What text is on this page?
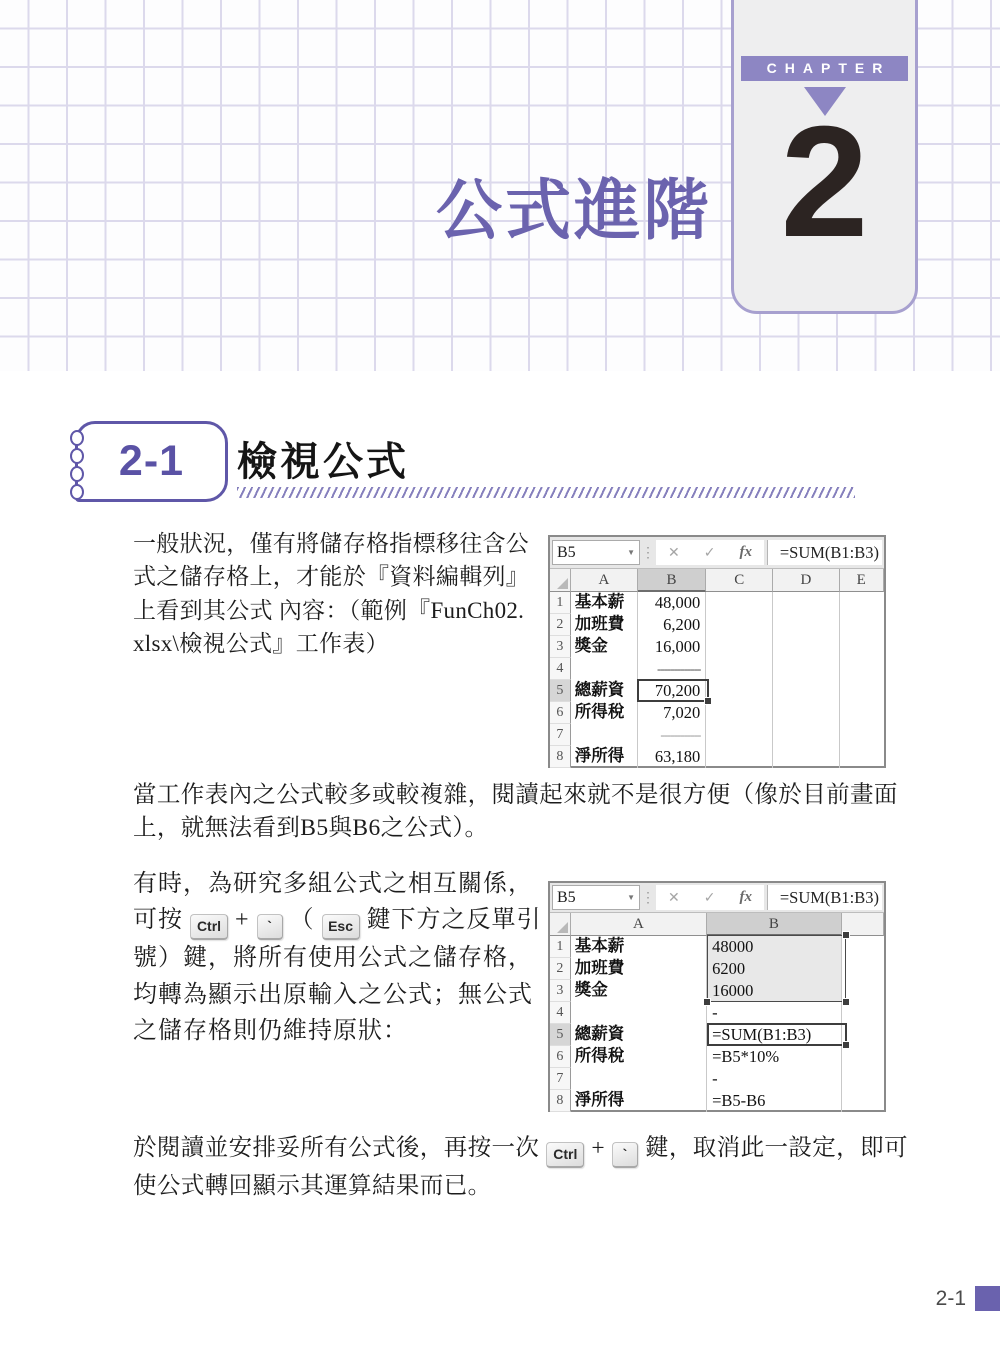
CHAPTER
2
公式進階
2-1 檢視公式
一般狀況，僅有將儲存格指標移往含公
式之儲存格上，才能於『資料編輯列』
上看到其公式 內容：（範例『FunCh02.
xlsx\檢視公式』工作表）
B5	▼ ⋮ ✕ ✓ fx	=SUM(B1:B3)
A	B	C	D	E
1 基本薪	48,000
2 加班費	6,200
3 獎金	16,000
4	-------------
5 總薪資	70,200
6 所得稅	7,020
7	------------
8 淨所得	63,180
當工作表內之公式較多或較複雜，閱讀起來就不是很方便（像於目前畫面
上，就無法看到B5與B6之公式）。
有時，為研究多組公式之相互關係，
可按 Ctrl + ` （ Esc 鍵下方之反單引
號）鍵，將所有使用公式之儲存格，
均轉為顯示出原輸入之公式；無公式
之儲存格則仍維持原狀：
B5	▼ ⋮ ✕ ✓ fx	=SUM(B1:B3)
A	B
1 基本薪	48000
2 加班費	6200
3 獎金	16000
4	-
5 總薪資	=SUM(B1:B3)
6 所得稅	=B5*10%
7	-
8 淨所得	=B5-B6
於閱讀並安排妥所有公式後，再按一次 Ctrl + ` 鍵，取消此一設定，即可
使公式轉回顯示其運算結果而已。
2-1
